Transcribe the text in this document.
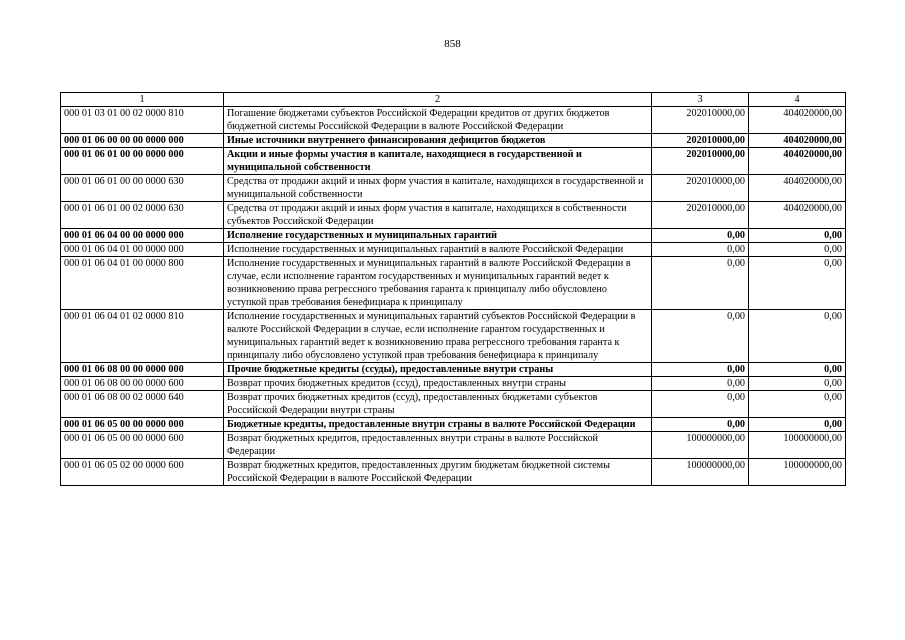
858
1	2	3	4
000 01 03 01 00 02 0000 810	Погашение бюджетами субъектов Российской Федерации кредитов от других бюджетов бюджетной системы Российской Федерации в валюте Российской Федерации	202010000,00	404020000,00
000 01 06 00 00 00 0000 000	Иные источники внутреннего финансирования дефицитов бюджетов	202010000,00	404020000,00
000 01 06 01 00 00 0000 000	Акции и иные формы участия в капитале, находящиеся в государственной и муниципальной собственности	202010000,00	404020000,00
000 01 06 01 00 00 0000 630	Средства от продажи акций и иных форм участия в капитале, находящихся в государственной и муниципальной собственности	202010000,00	404020000,00
000 01 06 01 00 02 0000 630	Средства от продажи акций и иных форм участия в капитале, находящихся в собственности субъектов Российской Федерации	202010000,00	404020000,00
000 01 06 04 00 00 0000 000	Исполнение государственных и муниципальных гарантий	0,00	0,00
000 01 06 04 01 00 0000 000	Исполнение государственных и муниципальных гарантий в валюте Российской Федерации	0,00	0,00
000 01 06 04 01 00 0000 800	Исполнение государственных и муниципальных гарантий в валюте Российской Федерации в случае, если исполнение гарантом государственных и муниципальных гарантий ведет к возникновению права регрессного требования гаранта к принципалу либо обусловлено уступкой прав требования бенефициара к принципалу	0,00	0,00
000 01 06 04 01 02 0000 810	Исполнение государственных и муниципальных гарантий субъектов Российской Федерации в валюте Российской Федерации в случае, если исполнение гарантом государственных и муниципальных гарантий ведет к возникновению права регрессного требования гаранта к принципалу либо обусловлено уступкой прав требования бенефициара к принципалу	0,00	0,00
000 01 06 08 00 00 0000 000	Прочие бюджетные кредиты (ссуды), предоставленные внутри страны	0,00	0,00
000 01 06 08 00 00 0000 600	Возврат прочих бюджетных кредитов (ссуд), предоставленных внутри страны	0,00	0,00
000 01 06 08 00 02 0000 640	Возврат прочих бюджетных кредитов (ссуд), предоставленных бюджетами субъектов Российской Федерации внутри страны	0,00	0,00
000 01 06 05 00 00 0000 000	Бюджетные кредиты, предоставленные внутри страны в валюте Российской Федерации	0,00	0,00
000 01 06 05 00 00 0000 600	Возврат бюджетных кредитов, предоставленных внутри страны в валюте Российской Федерации	100000000,00	100000000,00
000 01 06 05 02 00 0000 600	Возврат бюджетных кредитов, предоставленных другим бюджетам бюджетной системы Российской Федерации в валюте Российской Федерации	100000000,00	100000000,00
